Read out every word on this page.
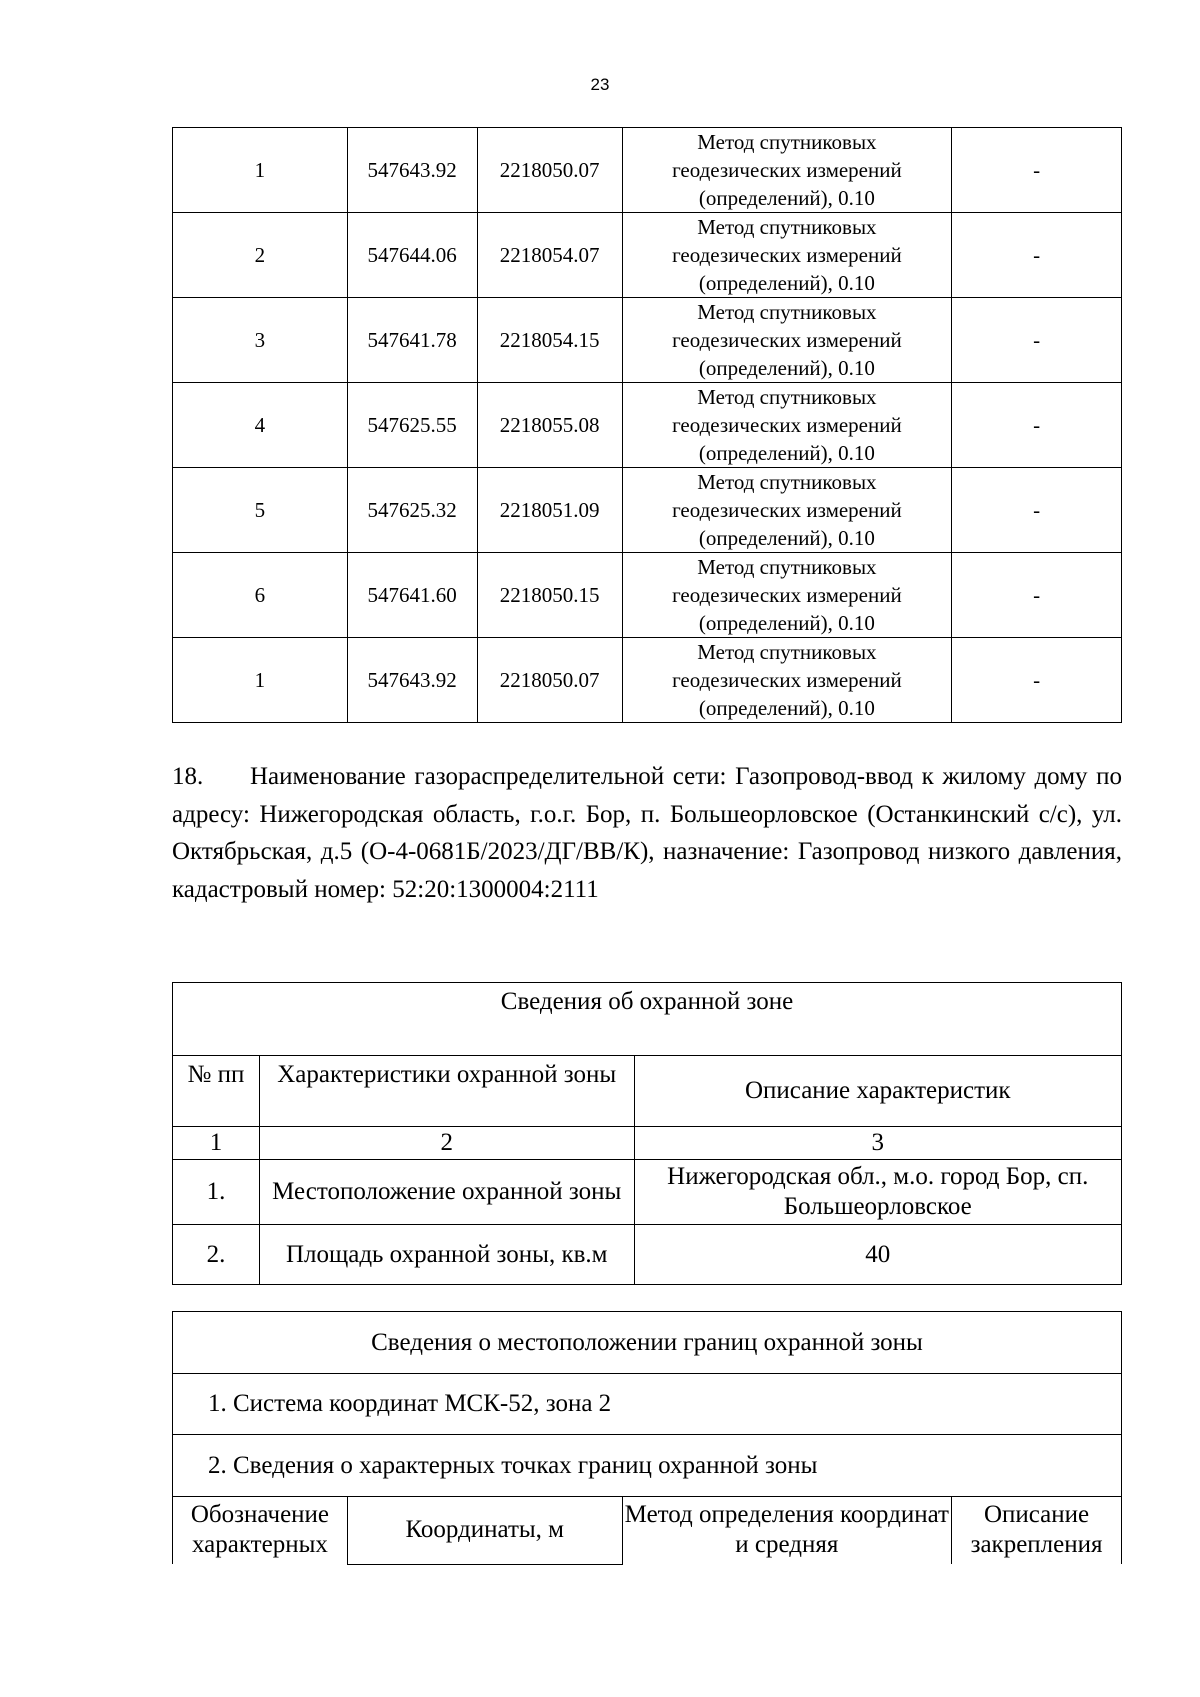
23
1	547643.92	2218050.07	Метод спутниковых
геодезических измерений
(определений), 0.10	-
2	547644.06	2218054.07	Метод спутниковых
геодезических измерений
(определений), 0.10	-
3	547641.78	2218054.15	Метод спутниковых
геодезических измерений
(определений), 0.10	-
4	547625.55	2218055.08	Метод спутниковых
геодезических измерений
(определений), 0.10	-
5	547625.32	2218051.09	Метод спутниковых
геодезических измерений
(определений), 0.10	-
6	547641.60	2218050.15	Метод спутниковых
геодезических измерений
(определений), 0.10	-
1	547643.92	2218050.07	Метод спутниковых
геодезических измерений
(определений), 0.10	-
18. Наименование газораспределительной сети: Газопровод-ввод к жилому дому по адресу: Нижегородская область, г.о.г. Бор, п. Большеорловское (Останкинский с/с), ул. Октябрьская, д.5 (О-4-0681Б/2023/ДГ/ВВ/К), назначение: Газопровод низкого давления, кадастровый номер: 52:20:1300004:2111
Сведения об охранной зоне		
№ пп	Характеристики охранной зоны	Описание характеристик
1	2	3
1.	Местоположение охранной зоны	Нижегородская обл., м.о. город Бор, сп. Большеорловское
2.	Площадь охранной зоны, кв.м	40
Сведения о местоположении границ охранной зоны
1. Система координат МСК-52, зона 2
2. Сведения о характерных точках границ охранной зоны
Обозначение характерных	Координаты, м	Метод определения координат и средняя	Описание закрепления
